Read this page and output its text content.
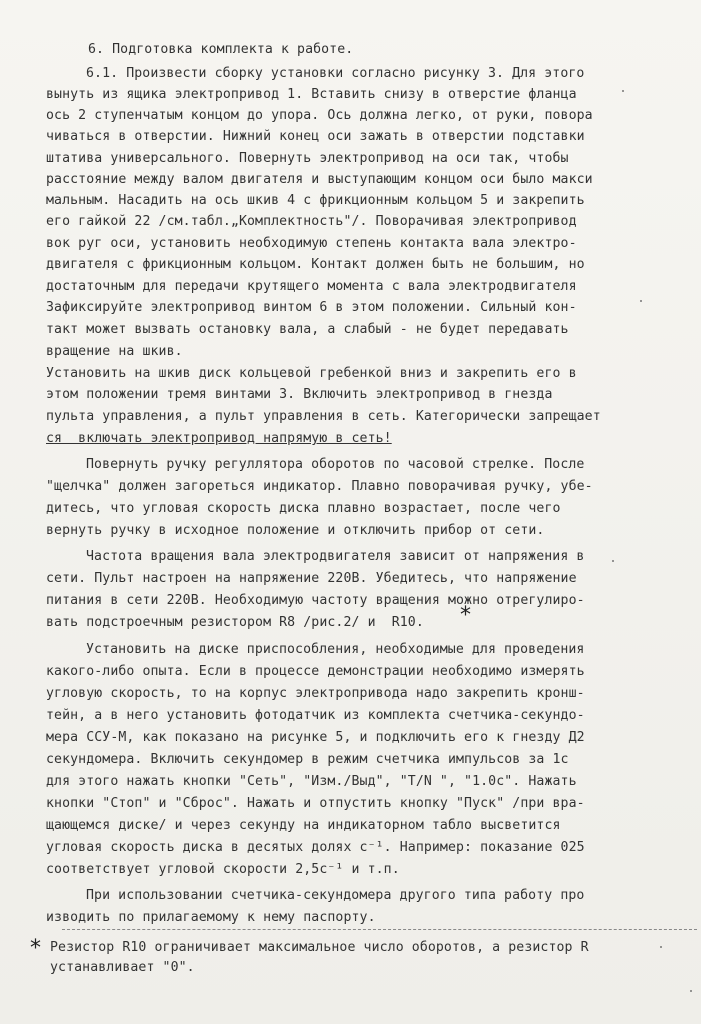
6. Подготовка комплекта к работе.
6.1. Произвести сборку установки согласно рисунку 3. Для этого
вынуть из ящика электропривод 1. Вставить снизу в отверстие фланца
ось 2 ступенчатым концом до упора. Ось должна легко, от руки, повора
чиваться в отверстии. Нижний конец оси зажать в отверстии подставки
штатива универсального. Повернуть электропривод на оси так, чтобы
расстояние между валом двигателя и выступающим концом оси было макси
мальным. Насадить на ось шкив 4 с фрикционным кольцом 5 и закрепить
его гайкой 22 /см.табл.„Комплектность"/. Поворачивая электропривод
вок руг оси, установить необходимую степень контакта вала электро-
двигателя с фрикционным кольцом. Контакт должен быть не большим, но
достаточным для передачи крутящего момента с вала электродвигателя
Зафиксируйте электропривод винтом 6 в этом положении. Сильный кон-
такт может вызвать остановку вала, а слабый - не будет передавать
вращение на шкив.
Установить на шкив диск кольцевой гребенкой вниз и закрепить его в
этом положении тремя винтами 3. Включить электропривод в гнезда
пульта управления, а пульт управления в сеть. Категорически запрещает
ся  включать электропривод напрямую в сеть!
Повернуть ручку регуллятора оборотов по часовой стрелке. После
"щелчка" должен загореться индикатор. Плавно поворачивая ручку, убе-
дитесь, что угловая скорость диска плавно возрастает, после чего
вернуть ручку в исходное положение и отключить прибор от сети.
Частота вращения вала электродвигателя зависит от напряжения в
сети. Пульт настроен на напряжение 220В. Убедитесь, что напряжение
питания в сети 220В. Необходимую частоту вращения можно отрегулиро-
вать подстроечным резистором R8 /рис.2/ и  R10. *
Установить на диске приспособления, необходимые для проведения
какого-либо опыта. Если в процессе демонстрации необходимо измерять
угловую скорость, то на корпус электропривода надо закрепить кронш-
тейн, а в него установить фотодатчик из комплекта счетчика-секундо-
мера ССУ-М, как показано на рисунке 5, и подключить его к гнезду Д2
секундомера. Включить секундомер в режим счетчика импульсов за 1с
для этого нажать кнопки "Сеть", "Изм./Выд", "Т/N ", "1.0с". Нажать
кнопки "Стоп" и "Сброс". Нажать и отпустить кнопку "Пуск" /при вра-
щающемся диске/ и через секунду на индикаторном табло высветится
угловая скорость диска в десятых долях с⁻¹. Например: показание 025
соответствует угловой скорости 2,5с⁻¹ и т.п.
При использовании счетчика-секундомера другого типа работу про
изводить по прилагаемому к нему паспорту.
* Резистор R10 ограничивает максимальное число оборотов, а резистор R
устанавливает "0".
